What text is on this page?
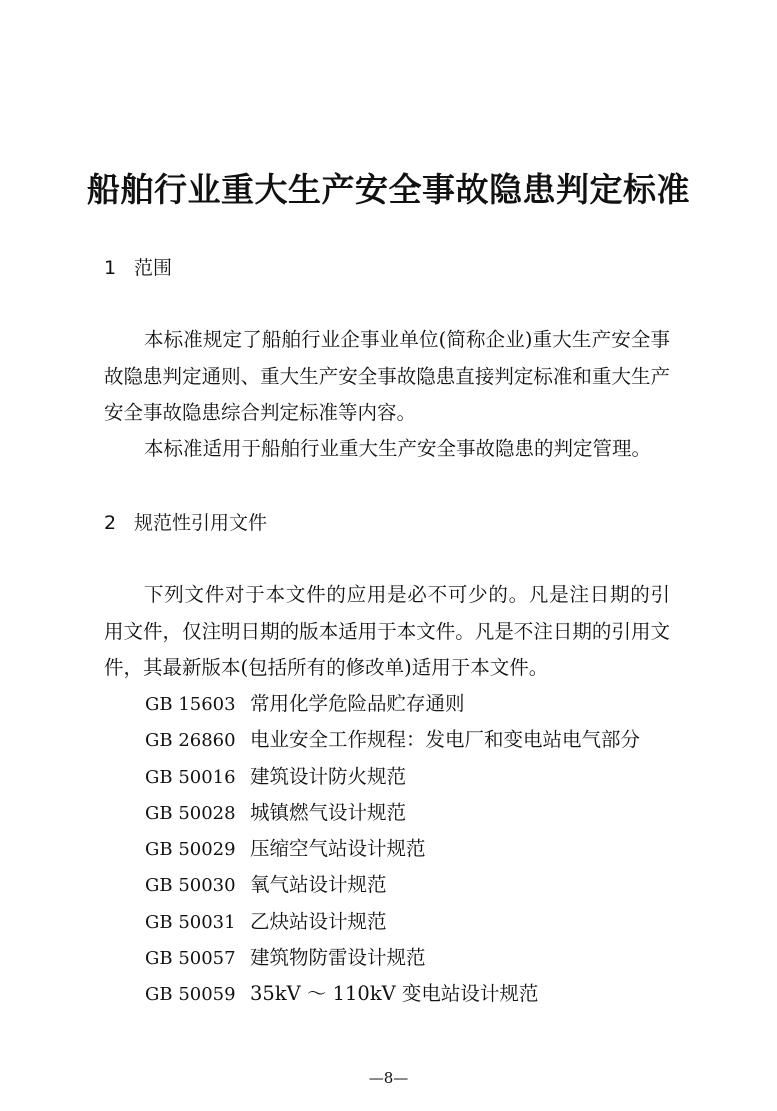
船舶行业重大生产安全事故隐患判定标准
1 范围

本标准规定了船舶行业企事业单位(简称企业)重大生产安全事故隐患判定通则、重大生产安全事故隐患直接判定标准和重大生产安全事故隐患综合判定标准等内容。

本标准适用于船舶行业重大生产安全事故隐患的判定管理。

2 规范性引用文件

下列文件对于本文件的应用是必不可少的。凡是注日期的引用文件，仅注明日期的版本适用于本文件。凡是不注日期的引用文件，其最新版本(包括所有的修改单)适用于本文件。

GB 15603 常用化学危险品贮存通则
GB 26860 电业安全工作规程：发电厂和变电站电气部分
GB 50016 建筑设计防火规范
GB 50028 城镇燃气设计规范
GB 50029 压缩空气站设计规范
GB 50030 氧气站设计规范
GB 50031 乙炔站设计规范
GB 50057 建筑物防雷设计规范
GB 50059 35kV ～ 110kV 变电站设计规范
—8—
